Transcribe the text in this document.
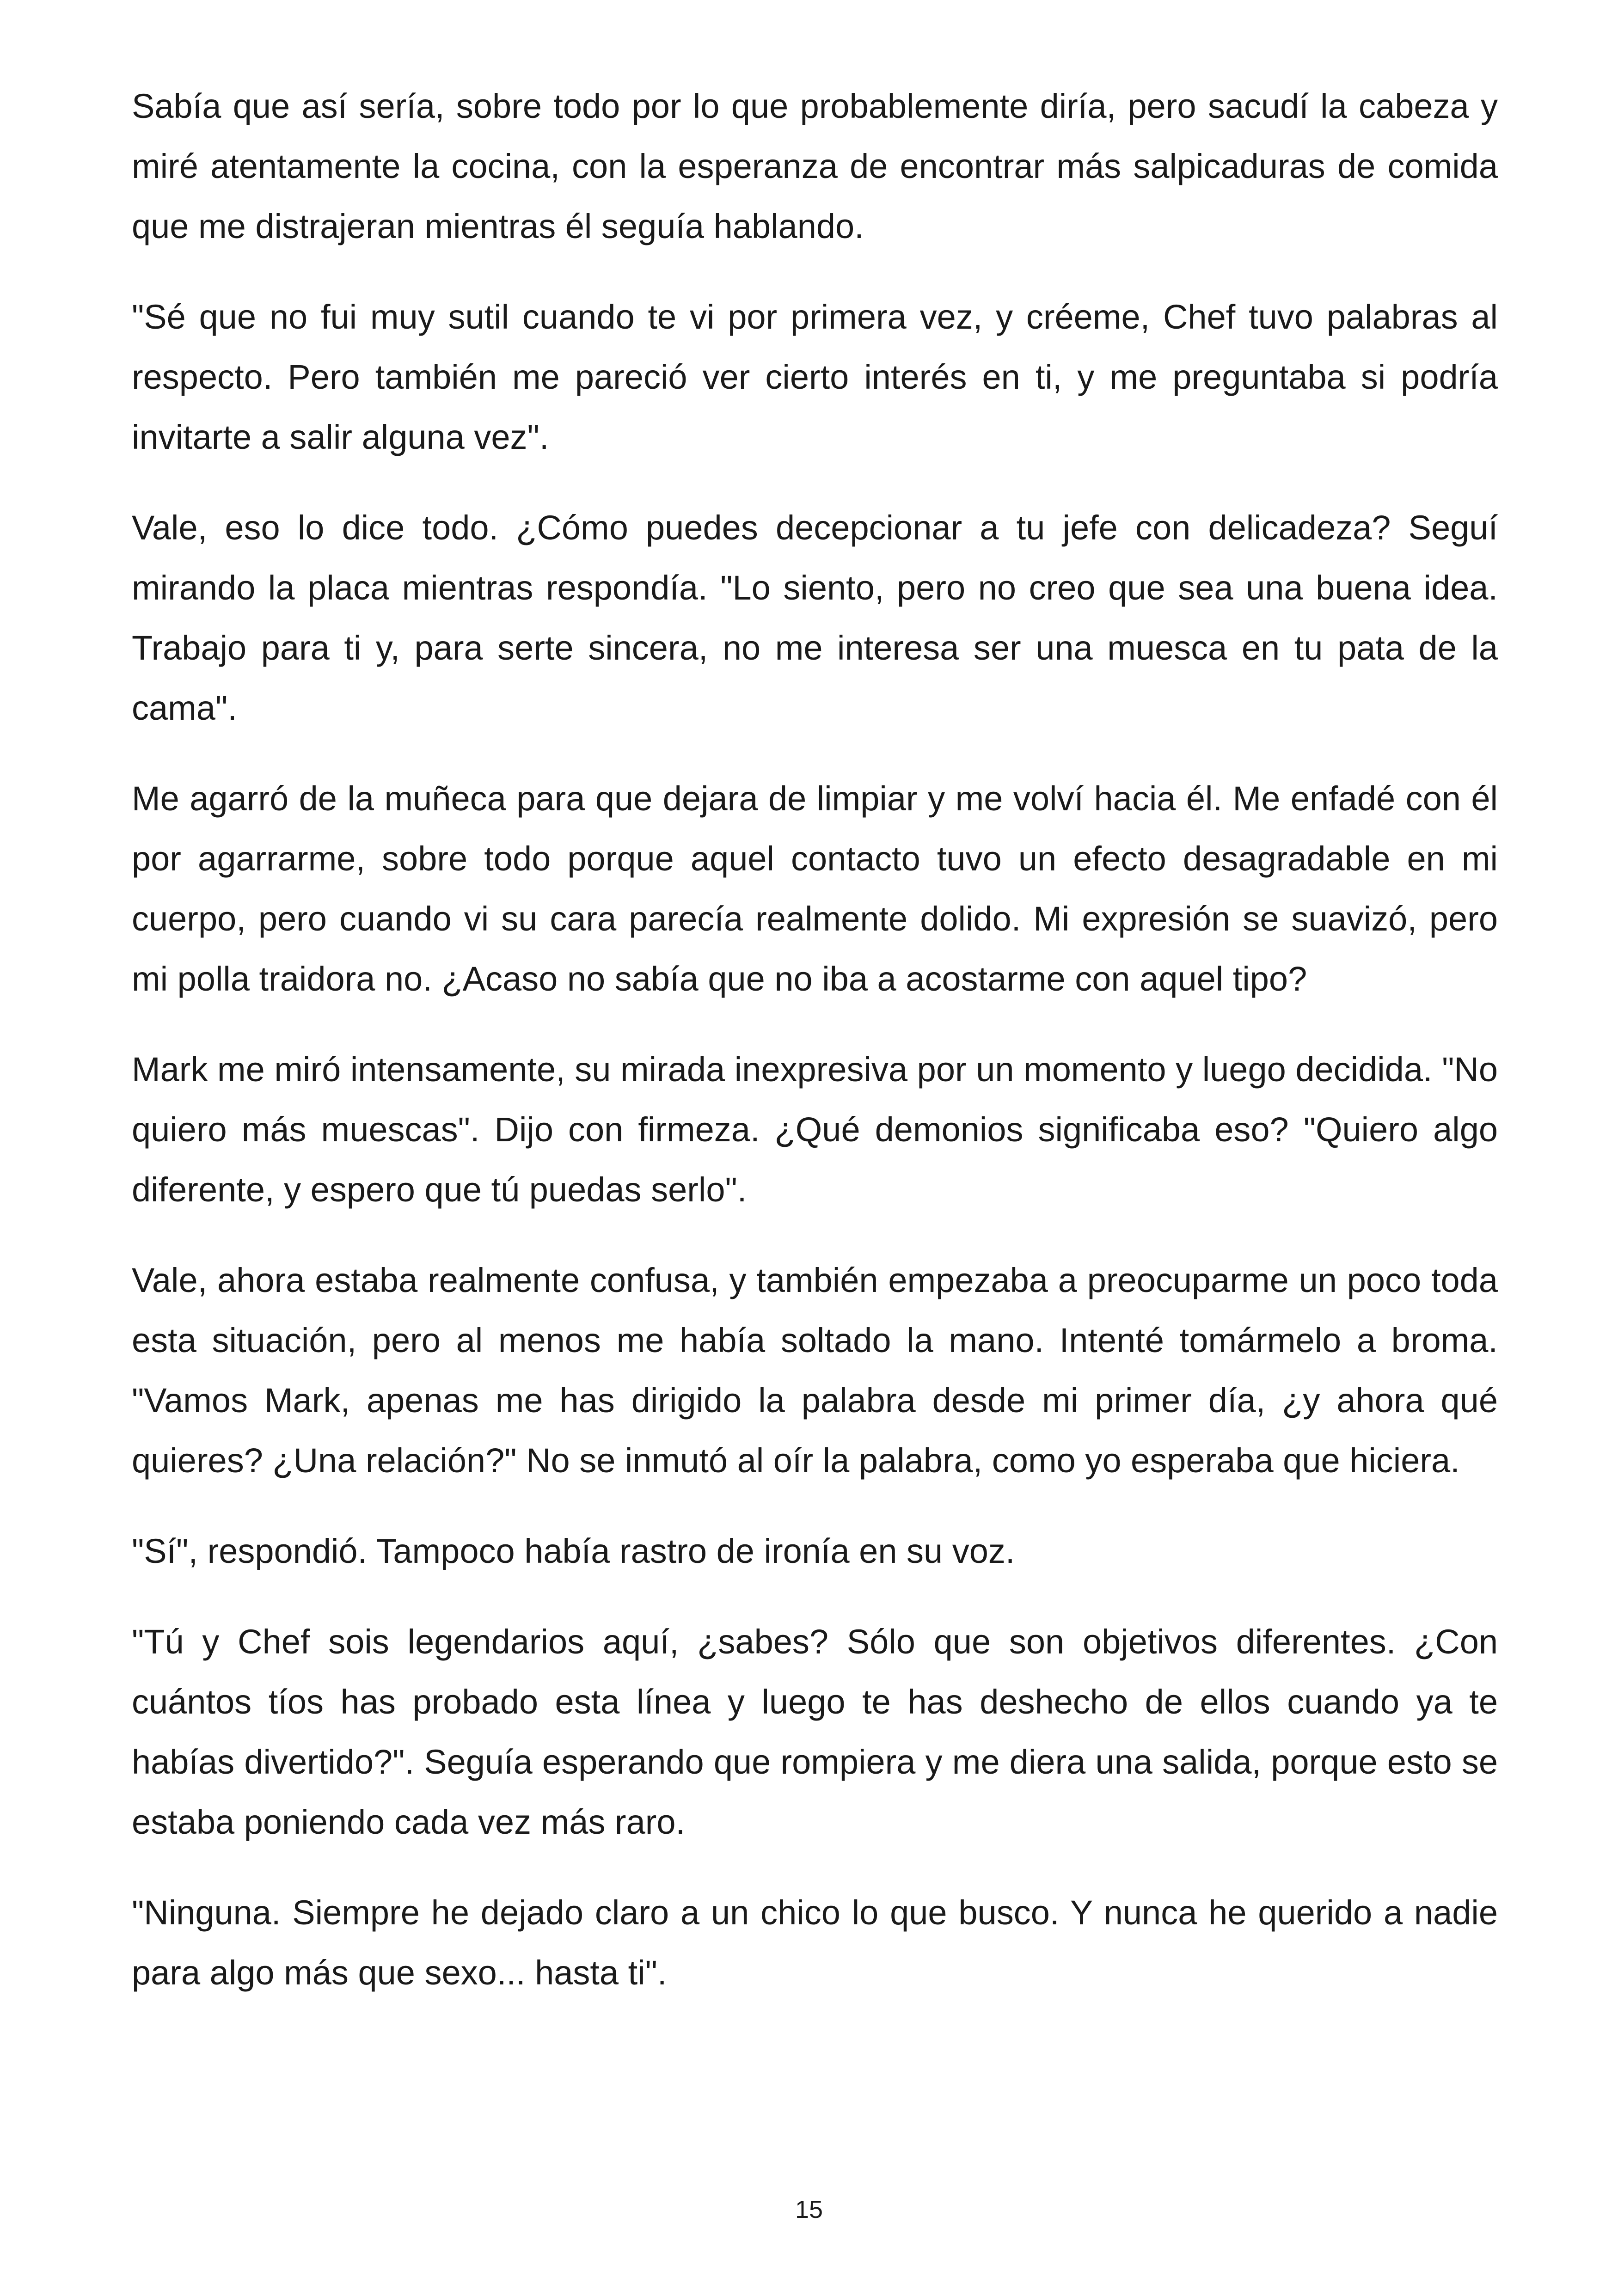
Sabía que así sería, sobre todo por lo que probablemente diría, pero sacudí la cabeza y miré atentamente la cocina, con la esperanza de encontrar más salpicaduras de comida que me distrajeran mientras él seguía hablando.

"Sé que no fui muy sutil cuando te vi por primera vez, y créeme, Chef tuvo palabras al respecto. Pero también me pareció ver cierto interés en ti, y me preguntaba si podría invitarte a salir alguna vez".

Vale, eso lo dice todo. ¿Cómo puedes decepcionar a tu jefe con delicadeza? Seguí mirando la placa mientras respondía. "Lo siento, pero no creo que sea una buena idea. Trabajo para ti y, para serte sincera, no me interesa ser una muesca en tu pata de la cama".

Me agarró de la muñeca para que dejara de limpiar y me volví hacia él. Me enfadé con él por agarrarme, sobre todo porque aquel contacto tuvo un efecto desagradable en mi cuerpo, pero cuando vi su cara parecía realmente dolido. Mi expresión se suavizó, pero mi polla traidora no. ¿Acaso no sabía que no iba a acostarme con aquel tipo?

Mark me miró intensamente, su mirada inexpresiva por un momento y luego decidida. "No quiero más muescas". Dijo con firmeza. ¿Qué demonios significaba eso? "Quiero algo diferente, y espero que tú puedas serlo".

Vale, ahora estaba realmente confusa, y también empezaba a preocuparme un poco toda esta situación, pero al menos me había soltado la mano. Intenté tomármelo a broma. "Vamos Mark, apenas me has dirigido la palabra desde mi primer día, ¿y ahora qué quieres? ¿Una relación?" No se inmutó al oír la palabra, como yo esperaba que hiciera.

"Sí", respondió. Tampoco había rastro de ironía en su voz.

"Tú y Chef sois legendarios aquí, ¿sabes? Sólo que son objetivos diferentes. ¿Con cuántos tíos has probado esta línea y luego te has deshecho de ellos cuando ya te habías divertido?". Seguía esperando que rompiera y me diera una salida, porque esto se estaba poniendo cada vez más raro.

"Ninguna. Siempre he dejado claro a un chico lo que busco. Y nunca he querido a nadie para algo más que sexo... hasta ti".

15
